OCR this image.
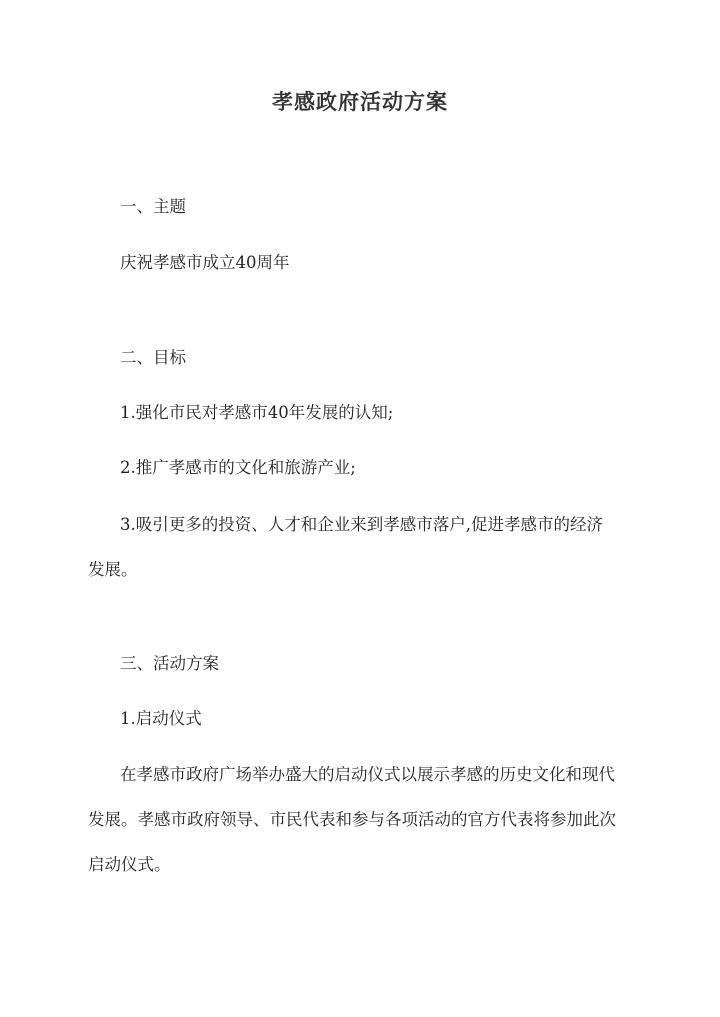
孝感政府活动方案

一、主题

庆祝孝感市成立40周年

二、目标

1.强化市民对孝感市40年发展的认知;

2.推广孝感市的文化和旅游产业;

3.吸引更多的投资、人才和企业来到孝感市落户,促进孝感市的经济

发展。

三、活动方案

1.启动仪式

在孝感市政府广场举办盛大的启动仪式以展示孝感的历史文化和现代

发展。孝感市政府领导、市民代表和参与各项活动的官方代表将参加此次

启动仪式。
